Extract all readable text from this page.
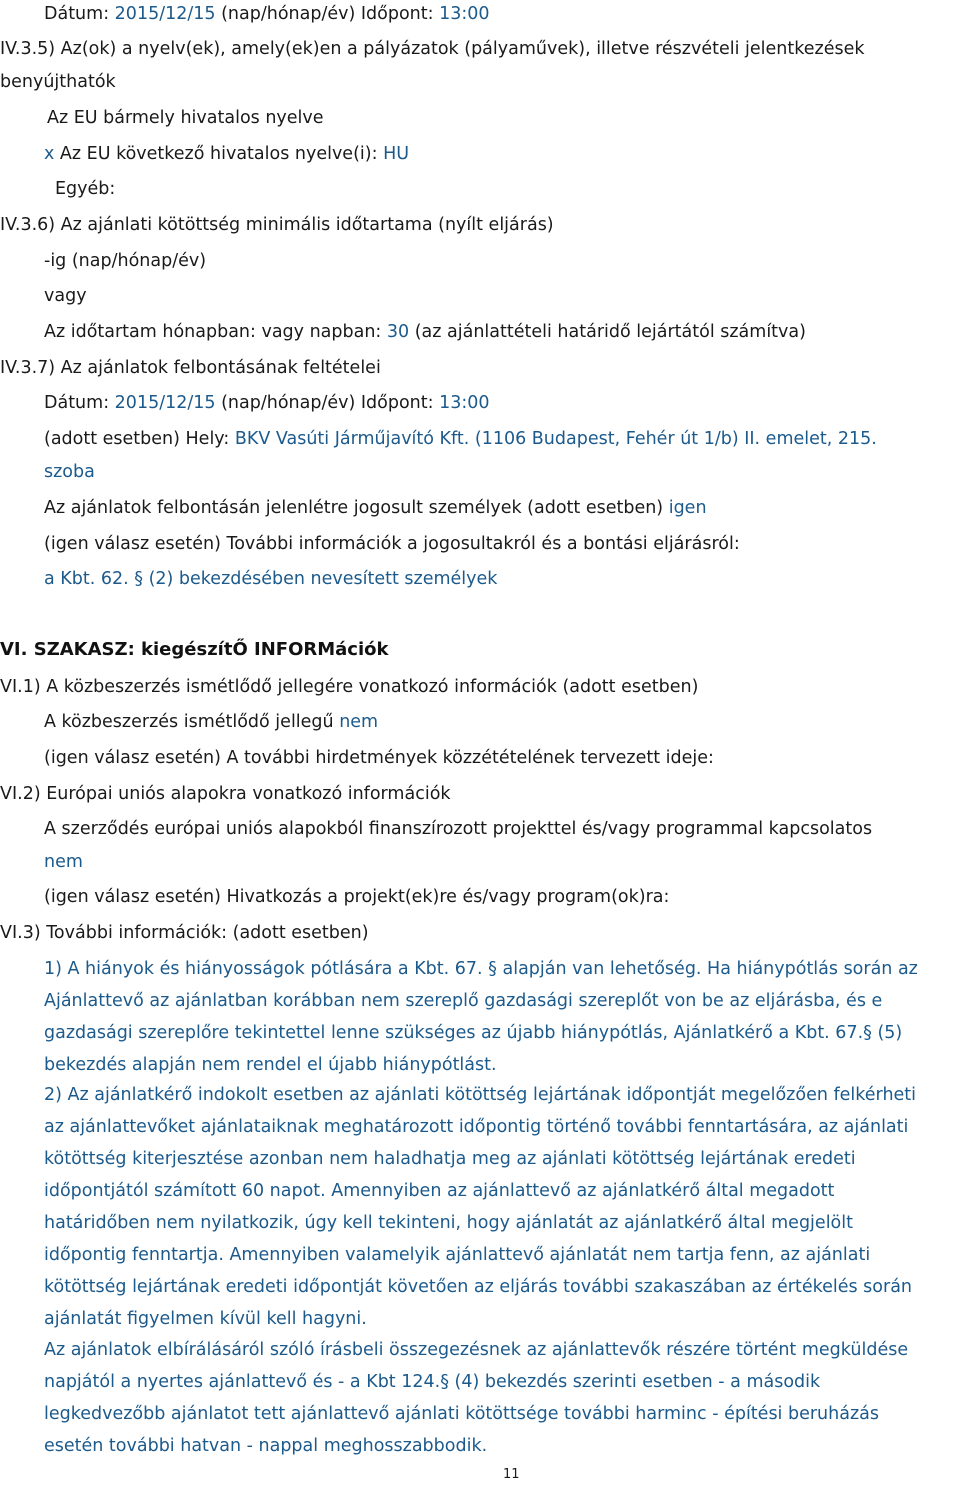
Dátum: 2015/12/15 (nap/hónap/év) Időpont: 13:00
IV.3.5) Az(ok) a nyelv(ek), amely(ek)en a pályázatok (pályaművek), illetve részvételi jelentkezések
benyújthatók
Az EU bármely hivatalos nyelve
x Az EU következő hivatalos nyelve(i): HU
Egyéb:
IV.3.6) Az ajánlati kötöttség minimális időtartama (nyílt eljárás)
-ig (nap/hónap/év)
vagy
Az időtartam hónapban: vagy napban: 30 (az ajánlattételi határidő lejártától számítva)
IV.3.7) Az ajánlatok felbontásának feltételei
Dátum: 2015/12/15 (nap/hónap/év) Időpont: 13:00
(adott esetben) Hely: BKV Vasúti Járműjavító Kft. (1106 Budapest, Fehér út 1/b) II. emelet, 215.
szoba
Az ajánlatok felbontásán jelenlétre jogosult személyek (adott esetben) igen
(igen válasz esetén) További információk a jogosultakról és a bontási eljárásról:
a Kbt. 62. § (2) bekezdésében nevesített személyek
VI. SZAKASZ: kiegészítŐ INFORMációk
VI.1) A közbeszerzés ismétlődő jellegére vonatkozó információk (adott esetben)
A közbeszerzés ismétlődő jellegű nem
(igen válasz esetén) A további hirdetmények közzétételének tervezett ideje:
VI.2) Európai uniós alapokra vonatkozó információk
A szerződés európai uniós alapokból finanszírozott projekttel és/vagy programmal kapcsolatos
nem
(igen válasz esetén) Hivatkozás a projekt(ek)re és/vagy program(ok)ra:
VI.3) További információk: (adott esetben)
1) A hiányok és hiányosságok pótlására a Kbt. 67. § alapján van lehetőség. Ha hiánypótlás során az
Ajánlattevő az ajánlatban korábban nem szereplő gazdasági szereplőt von be az eljárásba, és e
gazdasági szereplőre tekintettel lenne szükséges az újabb hiánypótlás, Ajánlatkérő a Kbt. 67.§ (5)
bekezdés alapján nem rendel el újabb hiánypótlást.
2) Az ajánlatkérő indokolt esetben az ajánlati kötöttség lejártának időpontját megelőzően felkérheti
az ajánlattevőket ajánlataiknak meghatározott időpontig történő további fenntartására, az ajánlati
kötöttség kiterjesztése azonban nem haladhatja meg az ajánlati kötöttség lejártának eredeti
időpontjától számított 60 napot. Amennyiben az ajánlattevő az ajánlatkérő által megadott
határidőben nem nyilatkozik, úgy kell tekinteni, hogy ajánlatát az ajánlatkérő által megjelölt
időpontig fenntartja. Amennyiben valamelyik ajánlattevő ajánlatát nem tartja fenn, az ajánlati
kötöttség lejártának eredeti időpontját követően az eljárás további szakaszában az értékelés során
ajánlatát figyelmen kívül kell hagyni.
Az ajánlatok elbírálásáról szóló írásbeli összegezésnek az ajánlattevők részére történt megküldése
napjától a nyertes ajánlattevő és - a Kbt 124.§ (4) bekezdés szerinti esetben - a második
legkedvezőbb ajánlatot tett ajánlattevő ajánlati kötöttsége további harminc - építési beruházás
esetén további hatvan - nappal meghosszabbodik.
11
